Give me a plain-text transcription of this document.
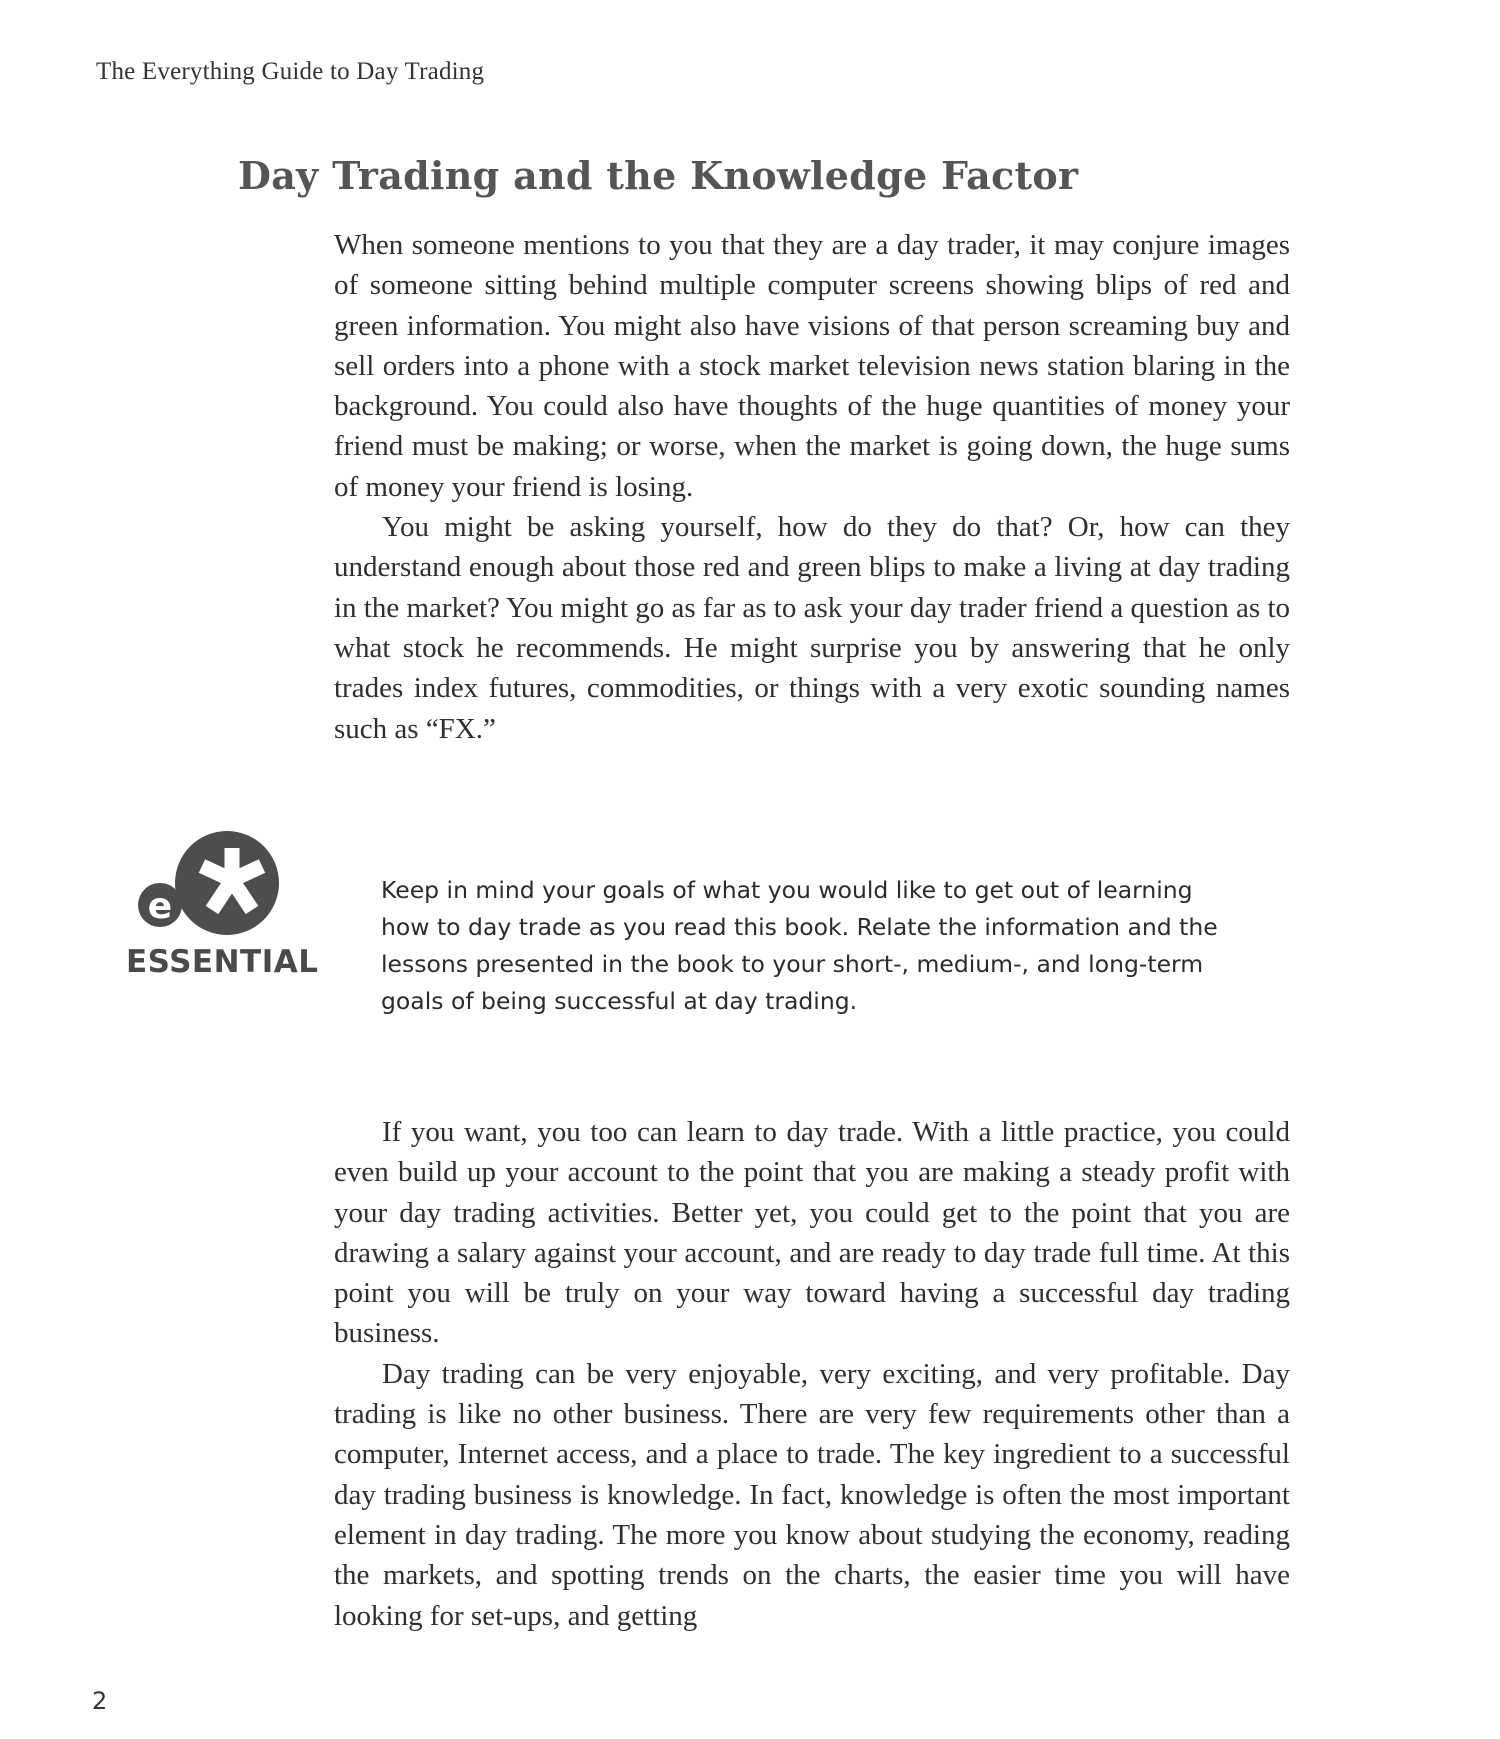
The Everything Guide to Day Trading
Day Trading and the Knowledge Factor

When someone mentions to you that they are a day trader, it may conjure images of someone sitting behind multiple computer screens showing blips of red and green information. You might also have visions of that person screaming buy and sell orders into a phone with a stock market television news station blaring in the background. You could also have thoughts of the huge quantities of money your friend must be making; or worse, when the market is going down, the huge sums of money your friend is losing.

You might be asking yourself, how do they do that? Or, how can they understand enough about those red and green blips to make a living at day trading in the market? You might go as far as to ask your day trader friend a question as to what stock he recommends. He might surprise you by answering that he only trades index futures, commodities, or things with a very exotic sounding names such as “FX.”

e
ESSENTIAL

Keep in mind your goals of what you would like to get out of learning how to day trade as you read this book. Relate the information and the lessons presented in the book to your short-, medium-, and long-term goals of being successful at day trading.

If you want, you too can learn to day trade. With a little practice, you could even build up your account to the point that you are making a steady profit with your day trading activities. Better yet, you could get to the point that you are drawing a salary against your account, and are ready to day trade full time. At this point you will be truly on your way toward having a successful day trading business.

Day trading can be very enjoyable, very exciting, and very profitable. Day trading is like no other business. There are very few requirements other than a computer, Internet access, and a place to trade. The key ingredient to a successful day trading business is knowledge. In fact, knowledge is often the most important element in day trading. The more you know about studying the economy, reading the markets, and spotting trends on the charts, the easier time you will have looking for set-ups, and getting

2
